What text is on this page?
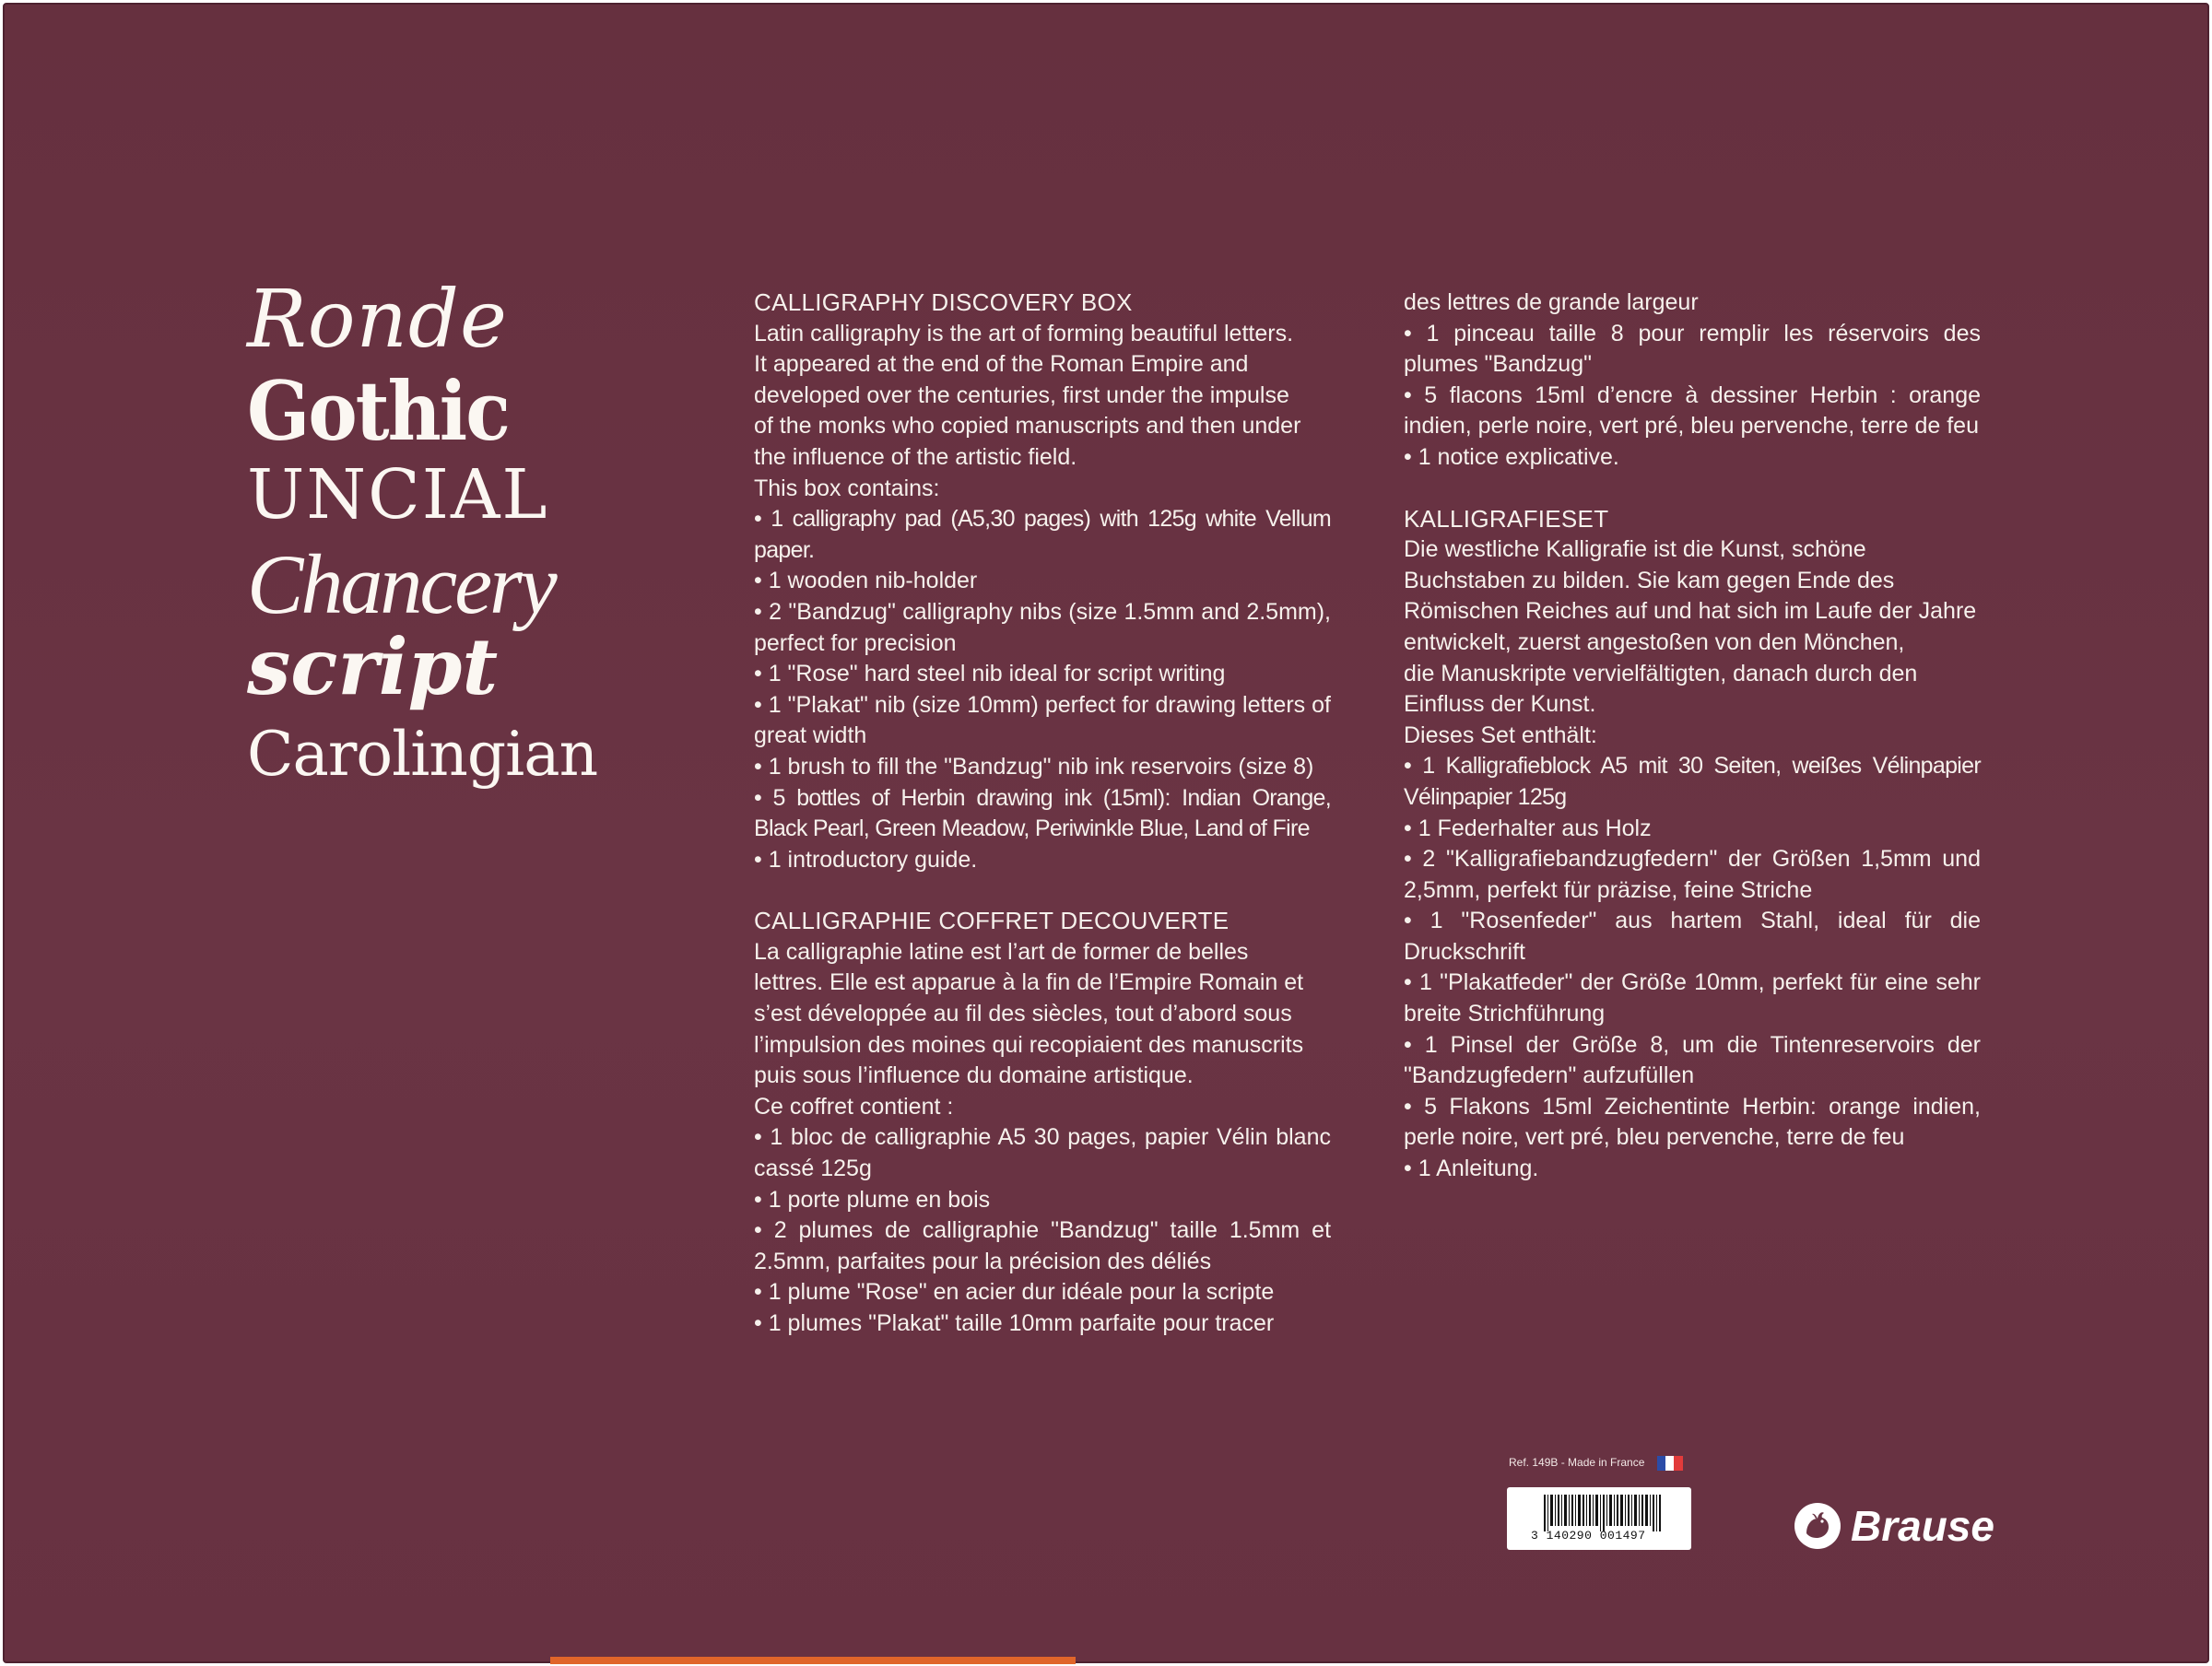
Ronde
Gothic
UNCIAL
Chancery
script
Carolingian
CALLIGRAPHY DISCOVERY BOX
Latin calligraphy is the art of forming beautiful letters.
It appeared at the end of the Roman Empire and
developed over the centuries, first under the impulse
of the monks who copied manuscripts and then under
the influence of the artistic field.
This box contains:
• 1 calligraphy pad (A5,30 pages) with 125g white Vellum paper.
• 1 wooden nib-holder
• 2 "Bandzug" calligraphy nibs (size 1.5mm and 2.5mm), perfect for precision
• 1 "Rose" hard steel nib ideal for script writing
• 1 "Plakat" nib (size 10mm) perfect for drawing letters of great width
• 1 brush to fill the "Bandzug" nib ink reservoirs (size 8)
• 5 bottles of Herbin drawing ink (15ml): Indian Orange, Black Pearl, Green Meadow, Periwinkle Blue, Land of Fire
• 1 introductory guide.
CALLIGRAPHIE COFFRET DECOUVERTE
La calligraphie latine est l’art de former de belles
lettres. Elle est apparue à la fin de l’Empire Romain et
s’est développée au fil des siècles, tout d’abord sous
l’impulsion des moines qui recopiaient des manuscrits
puis sous l’influence du domaine artistique.
Ce coffret contient :
• 1 bloc de calligraphie A5 30 pages, papier Vélin blanc cassé 125g
• 1 porte plume en bois
• 2 plumes de calligraphie "Bandzug" taille 1.5mm et 2.5mm, parfaites pour la précision des déliés
• 1 plume "Rose" en acier dur idéale pour la scripte
• 1 plumes "Plakat" taille 10mm parfaite pour tracer
des lettres de grande largeur
• 1 pinceau taille 8 pour remplir les réservoirs des plumes "Bandzug"
• 5 flacons 15ml d’encre à dessiner Herbin : orange indien, perle noire, vert pré, bleu pervenche, terre de feu
• 1 notice explicative.
KALLIGRAFIESET
Die westliche Kalligrafie ist die Kunst, schöne
Buchstaben zu bilden. Sie kam gegen Ende des
Römischen Reiches auf und hat sich im Laufe der Jahre
entwickelt, zuerst angestoßen von den Mönchen,
die Manuskripte vervielfältigten, danach durch den
Einfluss der Kunst.
Dieses Set enthält:
• 1 Kalligrafieblock A5 mit 30 Seiten, weißes Vélinpapier Vélinpapier 125g
• 1 Federhalter aus Holz
• 2 "Kalligrafiebandzugfedern" der Größen 1,5mm und 2,5mm, perfekt für präzise, feine Striche
• 1 "Rosenfeder" aus hartem Stahl, ideal für die Druckschrift
• 1 "Plakatfeder" der Größe 10mm, perfekt für eine sehr breite Strichführung
• 1 Pinsel der Größe 8, um die Tintenreservoirs der "Bandzugfedern" aufzufüllen
• 5 Flakons 15ml Zeichentinte Herbin: orange indien, perle noire, vert pré, bleu pervenche, terre de feu
• 1 Anleitung.
Ref. 149B - Made in France
3 140290 001497	Brause
